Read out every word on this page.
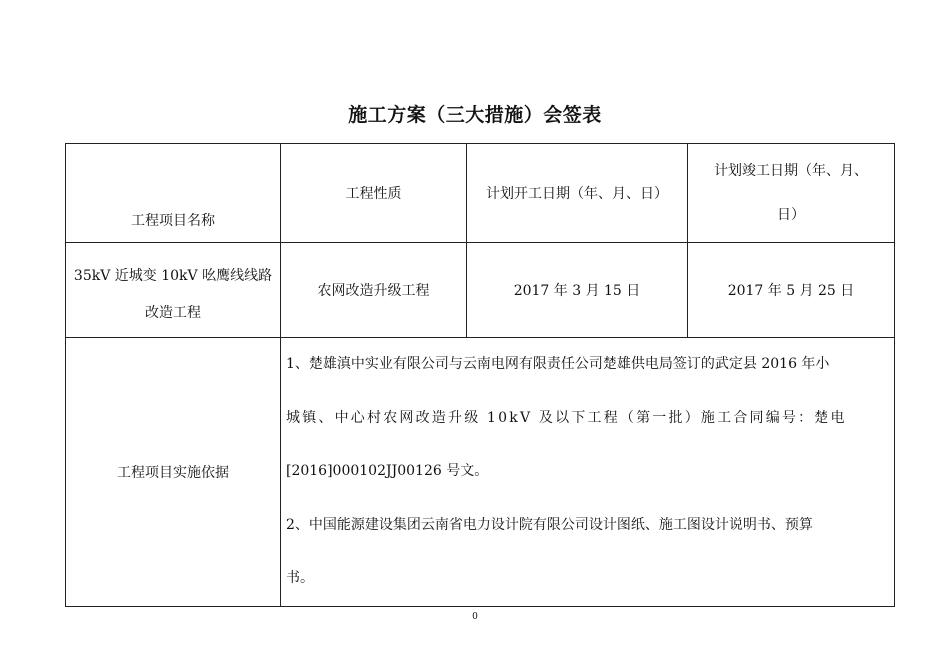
施工方案（三大措施）会签表
工程项目名称	工程性质	计划开工日期（年、月、日）	计划竣工日期（年、月、
日）

35kV 近城变 10kV 吆鹰线线路
改造工程	农网改造升级工程	2017 年 3 月 15 日	2017 年 5 月 25 日
工程项目实施依据	1、楚雄滇中实业有限公司与云南电网有限责任公司楚雄供电局签订的武定县 2016 年小
城镇、中心村农网改造升级 10kV 及以下工程（第一批）施工合同编号：楚电
[2016]000102JJ00126 号文。
2、中国能源建设集团云南省电力设计院有限公司设计图纸、施工图设计说明书、预算
书。		
0
